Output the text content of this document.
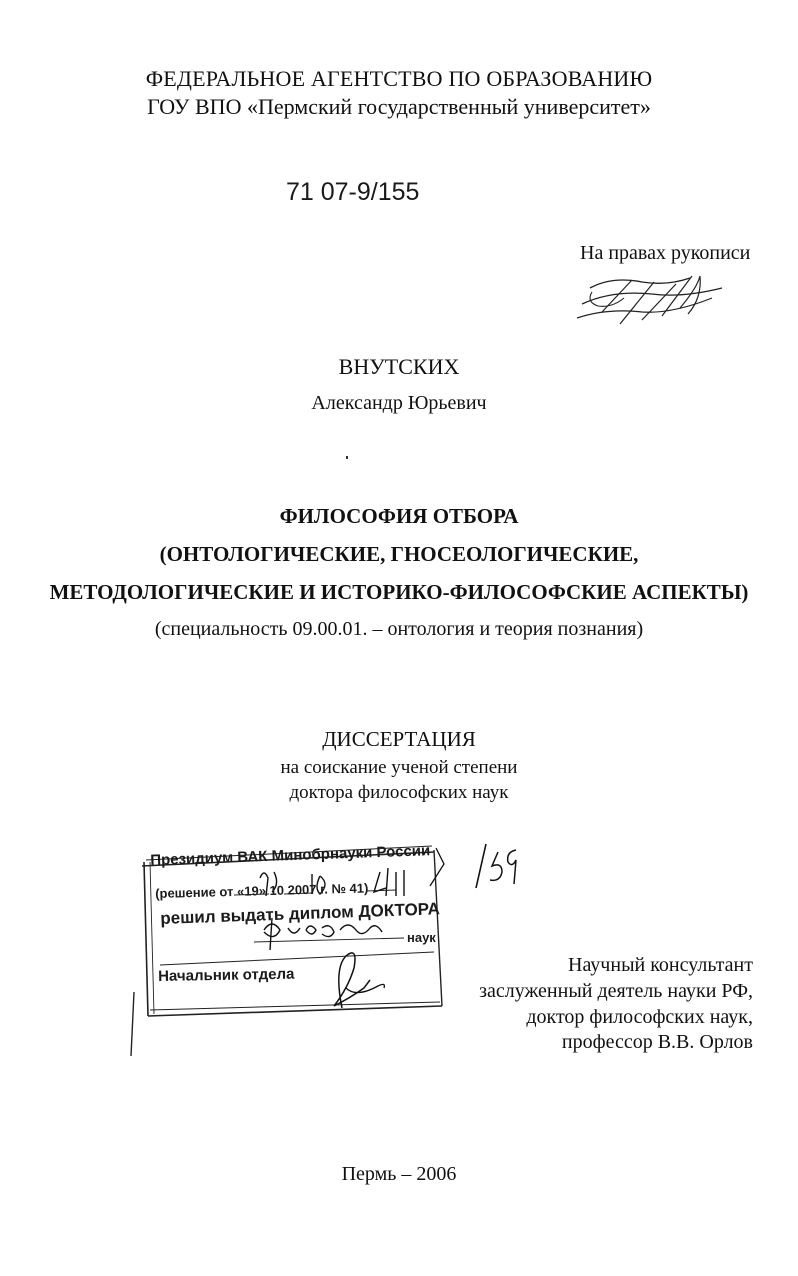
ФЕДЕРАЛЬНОЕ АГЕНТСТВО ПО ОБРАЗОВАНИЮ
ГОУ ВПО «Пермский государственный университет»
71 07-9/155
На правах рукописи
ВНУТСКИХ
Александр Юрьевич
ФИЛОСОФИЯ ОТБОРА
(ОНТОЛОГИЧЕСКИЕ, ГНОСЕОЛОГИЧЕСКИЕ,
МЕТОДОЛОГИЧЕСКИЕ И ИСТОРИКО-ФИЛОСОФСКИЕ АСПЕКТЫ)
(специальность 09.00.01. – онтология и теория познания)
ДИССЕРТАЦИЯ
на соискание ученой степени
доктора философских наук
Президиум ВАК Минобрнауки России
(решение от «19» 10 2007 г. № 41)
решил выдать диплом ДОКТОРА
наук
Начальник отдела	Научный консультант
заслуженный деятель науки РФ,
доктор философских наук,
профессор В.В. Орлов
Пермь – 2006
